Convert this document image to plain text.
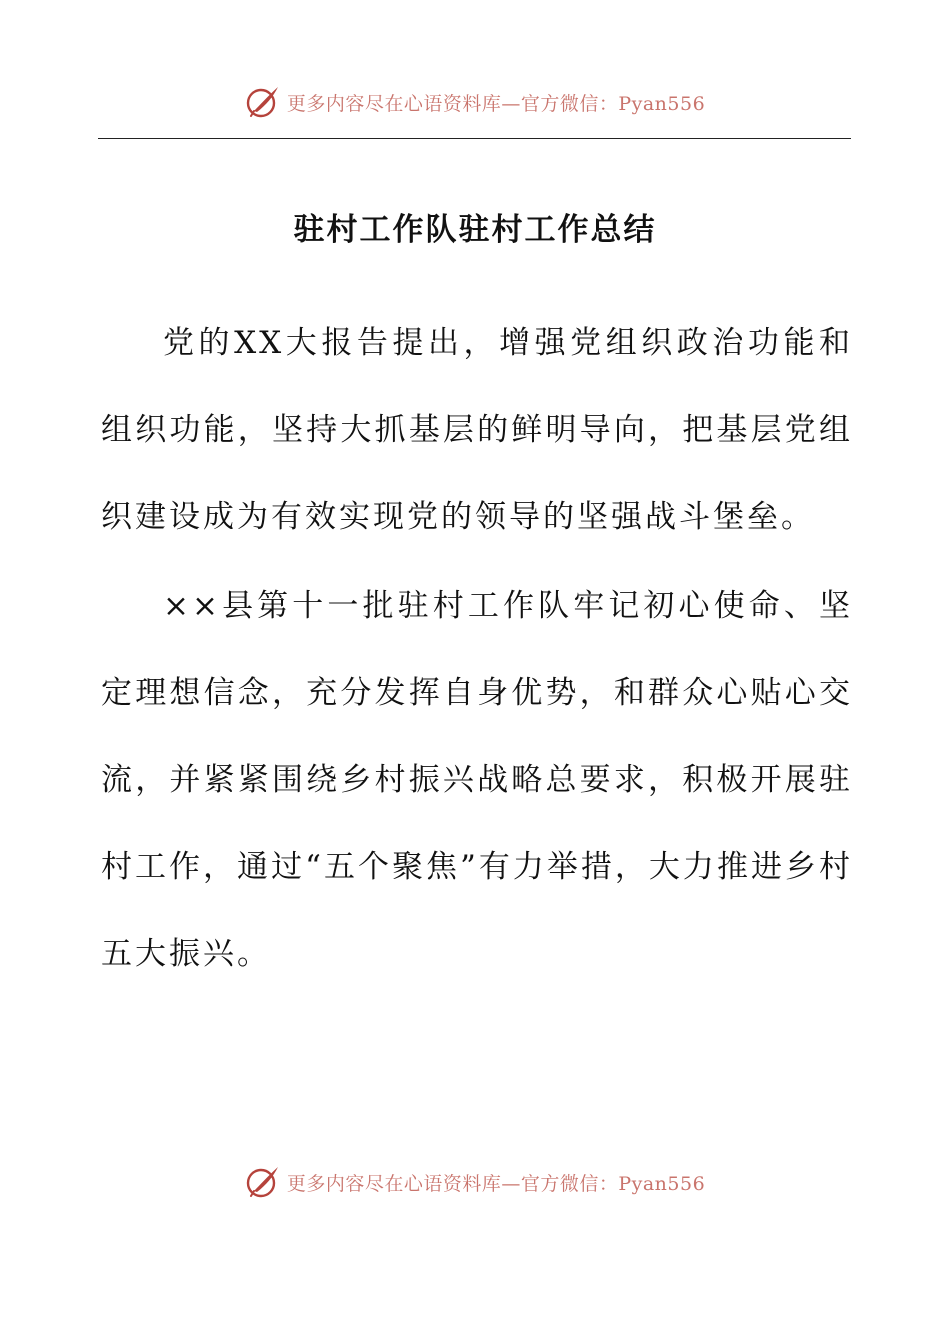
更多内容尽在心语资料库—官方微信：Pyan556
驻村工作队驻村工作总结

党的XX大报告提出，增强党组织政治功能和组织功能，坚持大抓基层的鲜明导向，把基层党组织建设成为有效实现党的领导的坚强战斗堡垒。

××县第十一批驻村工作队牢记初心使命、坚定理想信念，充分发挥自身优势，和群众心贴心交流，并紧紧围绕乡村振兴战略总要求，积极开展驻村工作，通过“五个聚焦”有力举措，大力推进乡村五大振兴。

更多内容尽在心语资料库—官方微信：Pyan556
